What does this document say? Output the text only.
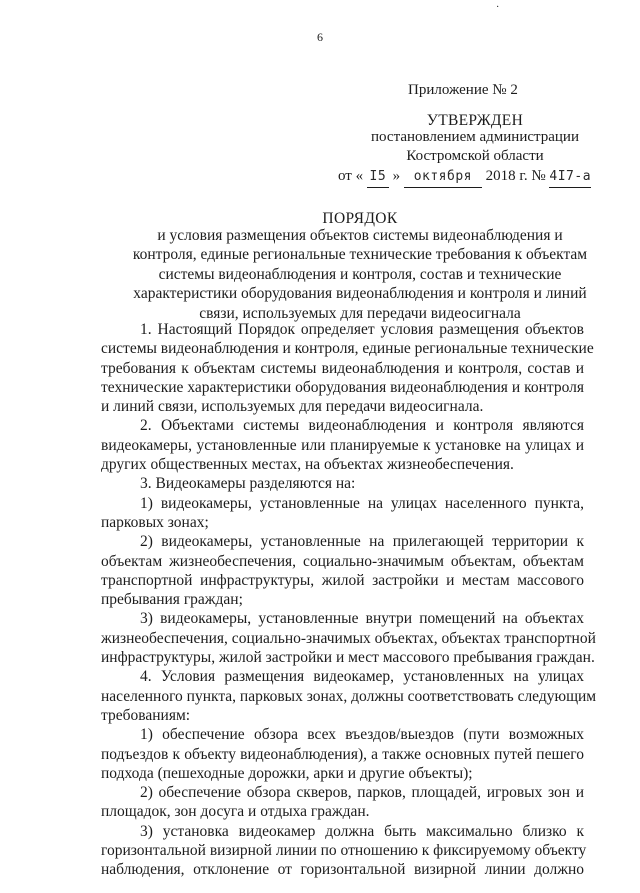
·
6
Приложение № 2
УТВЕРЖДЕН
постановлением администрации
Костромской области
от « I5 » октября 2018 г. № 4I7-а
ПОРЯДОК
и условия размещения объектов системы видеонаблюдения и
контроля, единые региональные технические требования к объектам
системы видеонаблюдения и контроля, состав и технические
характеристики оборудования видеонаблюдения и контроля и линий
связи, используемых для передачи видеосигнала
1. Настоящий Порядок определяет условия размещения объектов
системы видеонаблюдения и контроля, единые региональные технические
требования к объектам системы видеонаблюдения и контроля, состав и
технические характеристики оборудования видеонаблюдения и контроля
и линий связи, используемых для передачи видеосигнала.
2. Объектами системы видеонаблюдения и контроля являются
видеокамеры, установленные или планируемые к установке на улицах и
других общественных местах, на объектах жизнеобеспечения.
3. Видеокамеры разделяются на:
1) видеокамеры, установленные на улицах населенного пункта,
парковых зонах;
2) видеокамеры, установленные на прилегающей территории к
объектам жизнеобеспечения, социально-значимым объектам, объектам
транспортной инфраструктуры, жилой застройки и местам массового
пребывания граждан;
3) видеокамеры, установленные внутри помещений на объектах
жизнеобеспечения, социально-значимых объектах, объектах транспортной
инфраструктуры, жилой застройки и мест массового пребывания граждан.
4. Условия размещения видеокамер, установленных на улицах
населенного пункта, парковых зонах, должны соответствовать следующим
требованиям:
1) обеспечение обзора всех въездов/выездов (пути возможных
подъездов к объекту видеонаблюдения), а также основных путей пешего
подхода (пешеходные дорожки, арки и другие объекты);
2) обеспечение обзора скверов, парков, площадей, игровых зон и
площадок, зон досуга и отдыха граждан.
3) установка видеокамер должна быть максимально близко к
горизонтальной визирной линии по отношению к фиксируемому объекту
наблюдения, отклонение от горизонтальной визирной линии должно
